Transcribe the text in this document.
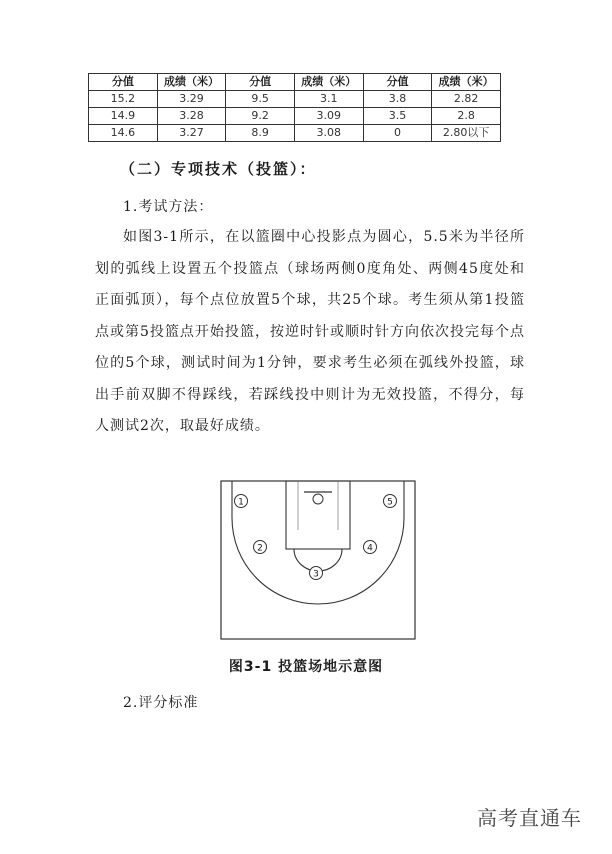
分值	成绩（米）	分值	成绩（米）	分值	成绩（米）
15.2	3.29	9.5	3.1	3.8	2.82
14.9	3.28	9.2	3.09	3.5	2.8
14.6	3.27	8.9	3.08	0	2.80以下
（二）专项技术（投篮）：
1.考试方法：

如图3-1所示，在以篮圈中心投影点为圆心，5.5米为半径所划的弧线上设置五个投篮点（球场两侧0度角处、两侧45度处和正面弧顶），每个点位放置5个球，共25个球。考生须从第1投篮点或第5投篮点开始投篮，按逆时针或顺时针方向依次投完每个点位的5个球，测试时间为1分钟，要求考生必须在弧线外投篮，球出手前双脚不得踩线，若踩线投中则计为无效投篮，不得分，每人测试2次，取最好成绩。

1
2
3
4
5
图3-1 投篮场地示意图
2.评分标准
高考直通车
